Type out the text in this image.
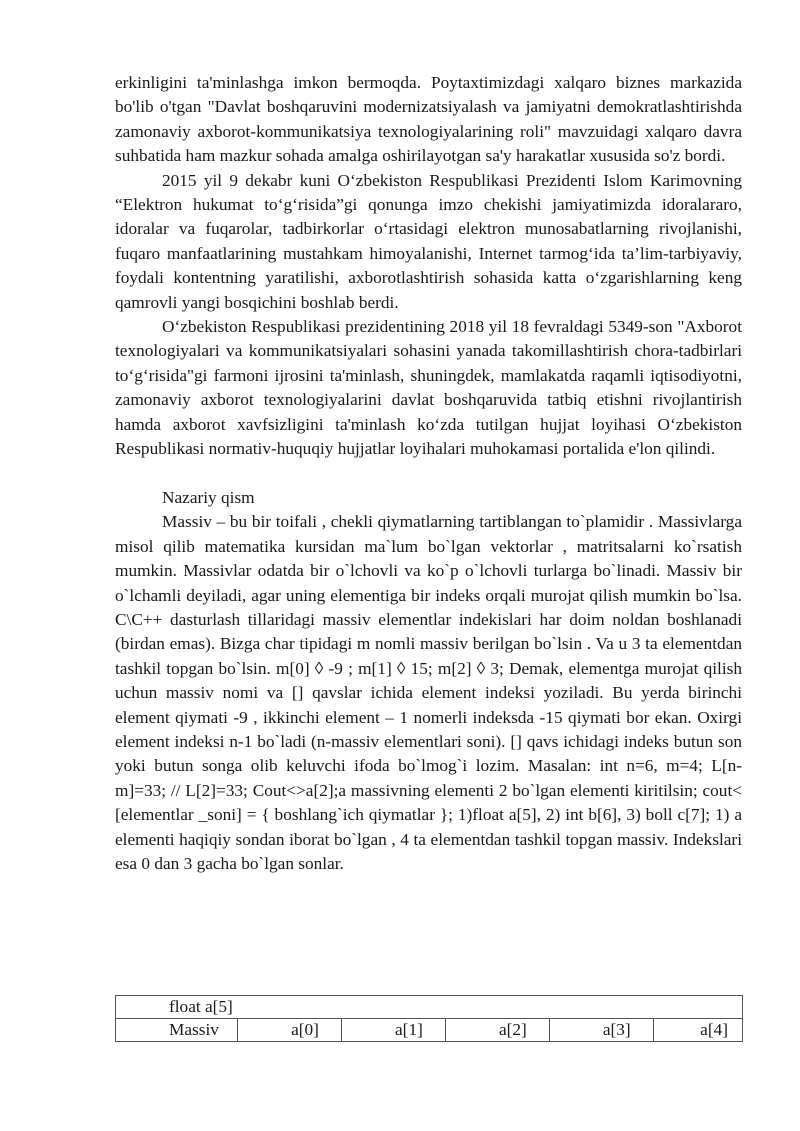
erkinligini ta'minlashga imkon bermoqda. Poytaxtimizdagi xalqaro biznes markazida bo'lib o'tgan "Davlat boshqaruvini modernizatsiyalash va jamiyatni demokratlashtirishda zamonaviy axborot-kommunikatsiya texnologiyalarining roli" mavzuidagi xalqaro davra suhbatida ham mazkur sohada amalga oshirilayotgan sa'y harakatlar xususida so'z bordi.

2015 yil 9 dekabr kuni O‘zbekiston Respublikasi Prezidenti Islom Karimovning “Elektron hukumat to‘g‘risida”gi qonunga imzo chekishi jamiyatimizda idoralararo, idoralar va fuqarolar, tadbirkorlar o‘rtasidagi elektron munosabatlarning rivojlanishi, fuqaro manfaatlarining mustahkam himoyalanishi, Internet tarmog‘ida ta’lim-tarbiyaviy, foydali kontentning yaratilishi, axborotlashtirish sohasida katta o‘zgarishlarning keng qamrovli yangi bosqichini boshlab berdi.

O‘zbekiston Respublikasi prezidentining 2018 yil 18 fevraldagi 5349-son "Axborot texnologiyalari va kommunikatsiyalari sohasini yanada takomillashtirish chora-tadbirlari to‘g‘risida"gi farmoni ijrosini ta'minlash, shuningdek, mamlakatda raqamli iqtisodiyotni, zamonaviy axborot texnologiyalarini davlat boshqaruvida tatbiq etishni rivojlantirish hamda axborot xavfsizligini ta'minlash ko‘zda tutilgan hujjat loyihasi O‘zbekiston Respublikasi normativ-huquqiy hujjatlar loyihalari muhokamasi portalida e'lon qilindi.

Nazariy qism

Massiv – bu bir toifali , chekli qiymatlarning tartiblangan to`plamidir . Massivlarga misol qilib matematika kursidan ma`lum bo`lgan vektorlar , matritsalarni ko`rsatish mumkin. Massivlar odatda bir o`lchovli va ko`p o`lchovli turlarga bo`linadi. Massiv bir o`lchamli deyiladi, agar uning elementiga bir indeks orqali murojat qilish mumkin bo`lsa. C\C++ dasturlash tillaridagi massiv elementlar indekislari har doim noldan boshlanadi (birdan emas). Bizga char tipidagi m nomli massiv berilgan bo`lsin . Va u 3 ta elementdan tashkil topgan bo`lsin. m[0] ◊ -9 ; m[1] ◊ 15; m[2] ◊ 3; Demak, elementga murojat qilish uchun massiv nomi va [] qavslar ichida element indeksi yoziladi. Bu yerda birinchi element qiymati -9 , ikkinchi element – 1 nomerli indeksda -15 qiymati bor ekan. Oxirgi element indeksi n-1 bo`ladi (n-massiv elementlari soni). [] qavs ichidagi indeks butun son yoki butun songa olib keluvchi ifoda bo`lmog`i lozim. Masalan: int n=6, m=4; L[n-m]=33; // L[2]=33; Cout<>a[2];a massivning elementi 2 bo`lgan elementi kiritilsin; cout< [elementlar _soni] = { boshlang`ich qiymatlar }; 1)float a[5], 2) int b[6], 3) boll c[7]; 1) a elementi haqiqiy sondan iborat bo`lgan , 4 ta elementdan tashkil topgan massiv. Indekslari esa 0 dan 3 gacha bo`lgan sonlar.

float a[5]
Massiv	a[0]	a[1]	a[2]	a[3]	a[4]
